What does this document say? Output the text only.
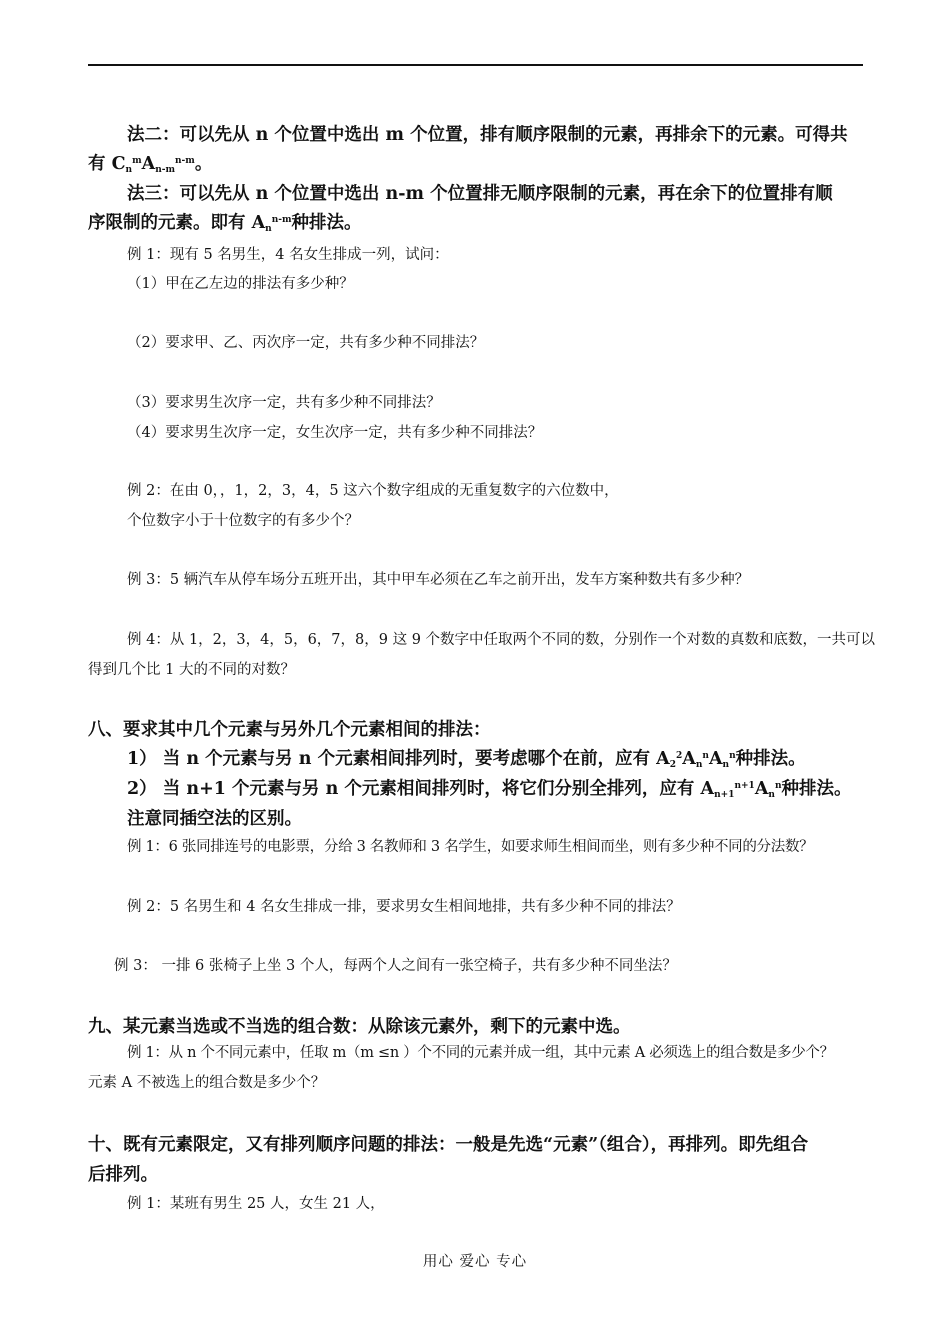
法二：可以先从 n 个位置中选出 m 个位置，排有顺序限制的元素，再排余下的元素。可得共
有 $C_n^mA_{n-m}^{n-m}$。
法三：可以先从 n 个位置中选出 n-m 个位置排无顺序限制的元素，再在余下的位置排有顺
序限制的元素。即有 $A_n^{n-m}$种排法。
例 1：现有 5 名男生，4 名女生排成一列，试问：
（1）甲在乙左边的排法有多少种？
（2）要求甲、乙、丙次序一定，共有多少种不同排法？
（3）要求男生次序一定，共有多少种不同排法？
（4）要求男生次序一定，女生次序一定，共有多少种不同排法？
例 2：在由 0，，1，2，3，4，5 这六个数字组成的无重复数字的六位数中，
个位数字小于十位数字的有多少个？
例 3：5 辆汽车从停车场分五班开出，其中甲车必须在乙车之前开出，发车方案种数共有多少种？
例 4：从 1，2，3，4，5，6，7，8，9 这 9 个数字中任取两个不同的数，分别作一个对数的真数和底数，一共可以
得到几个比 1 大的不同的对数？
八、要求其中几个元素与另外几个元素相间的排法：
1） 当 n 个元素与另 n 个元素相间排列时，要考虑哪个在前，应有 $A_2^2A_n^nA_n^n$种排法。
2） 当 n+1 个元素与另 n 个元素相间排列时，将它们分别全排列，应有 $A_{n+1}^{n+1}A_n^n$种排法。
注意同插空法的区别。
例 1：6 张同排连号的电影票，分给 3 名教师和 3 名学生，如要求师生相间而坐，则有多少种不同的分法数？
例 2：5 名男生和 4 名女生排成一排，要求男女生相间地排，共有多少种不同的排法？
例 3： 一排 6 张椅子上坐 3 个人，每两个人之间有一张空椅子，共有多少种不同坐法？
九、某元素当选或不当选的组合数：从除该元素外，剩下的元素中选。
例 1：从 n 个不同元素中，任取 m（m ≤n ）个不同的元素并成一组，其中元素 A 必须选上的组合数是多少个？
元素 A 不被选上的组合数是多少个？
十、既有元素限定，又有排列顺序问题的排法：一般是先选“元素”（组合），再排列。即先组合
后排列。
例 1：某班有男生 25 人，女生 21 人，
用心 爱心 专心
